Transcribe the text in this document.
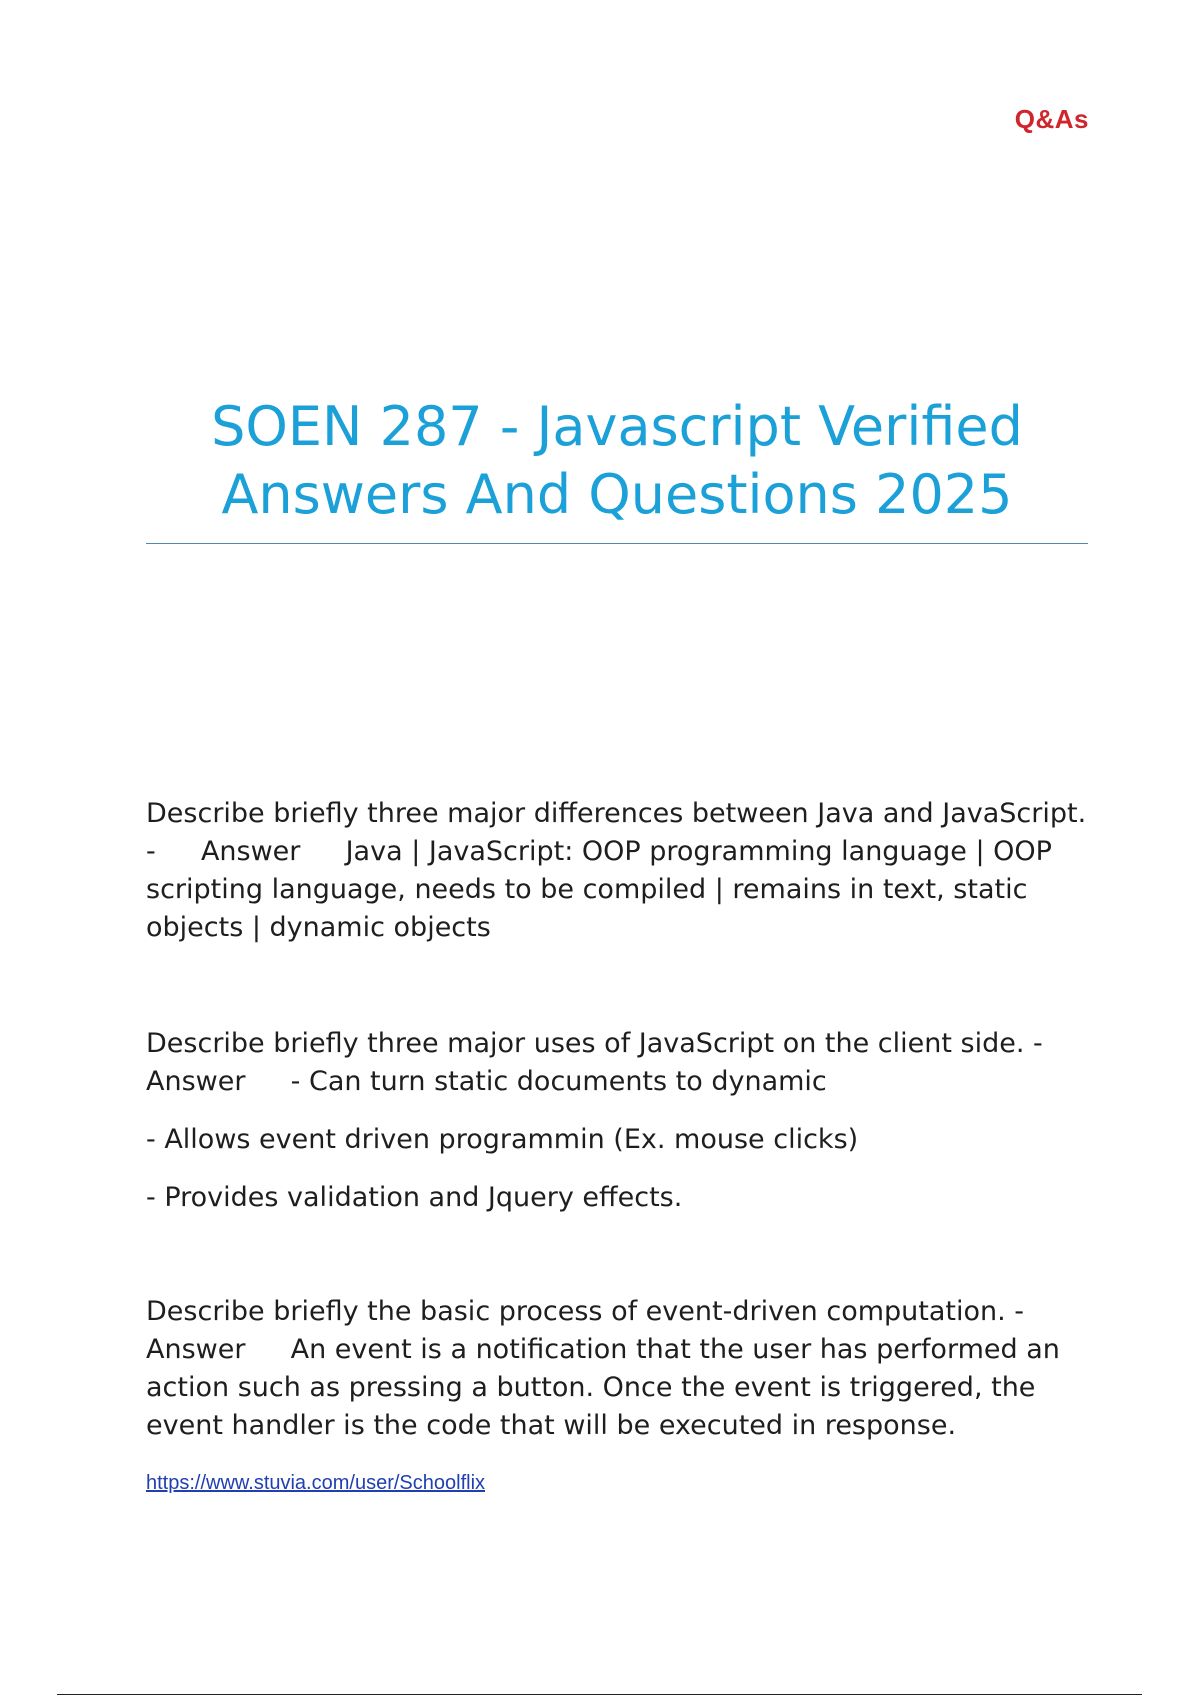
Q&As
SOEN 287 - Javascript Verified
Answers And Questions 2025

Describe briefly three major differences between Java and JavaScript. - Answer Java | JavaScript: OOP programming language | OOP scripting language, needs to be compiled | remains in text, static objects | dynamic objects

Describe briefly three major uses of JavaScript on the client side. - Answer - Can turn static documents to dynamic

- Allows event driven programmin (Ex. mouse clicks)

- Provides validation and Jquery effects.

Describe briefly the basic process of event-driven computation. - Answer An event is a notification that the user has performed an action such as pressing a button. Once the event is triggered, the event handler is the code that will be executed in response.

https://www.stuvia.com/user/Schoolflix
